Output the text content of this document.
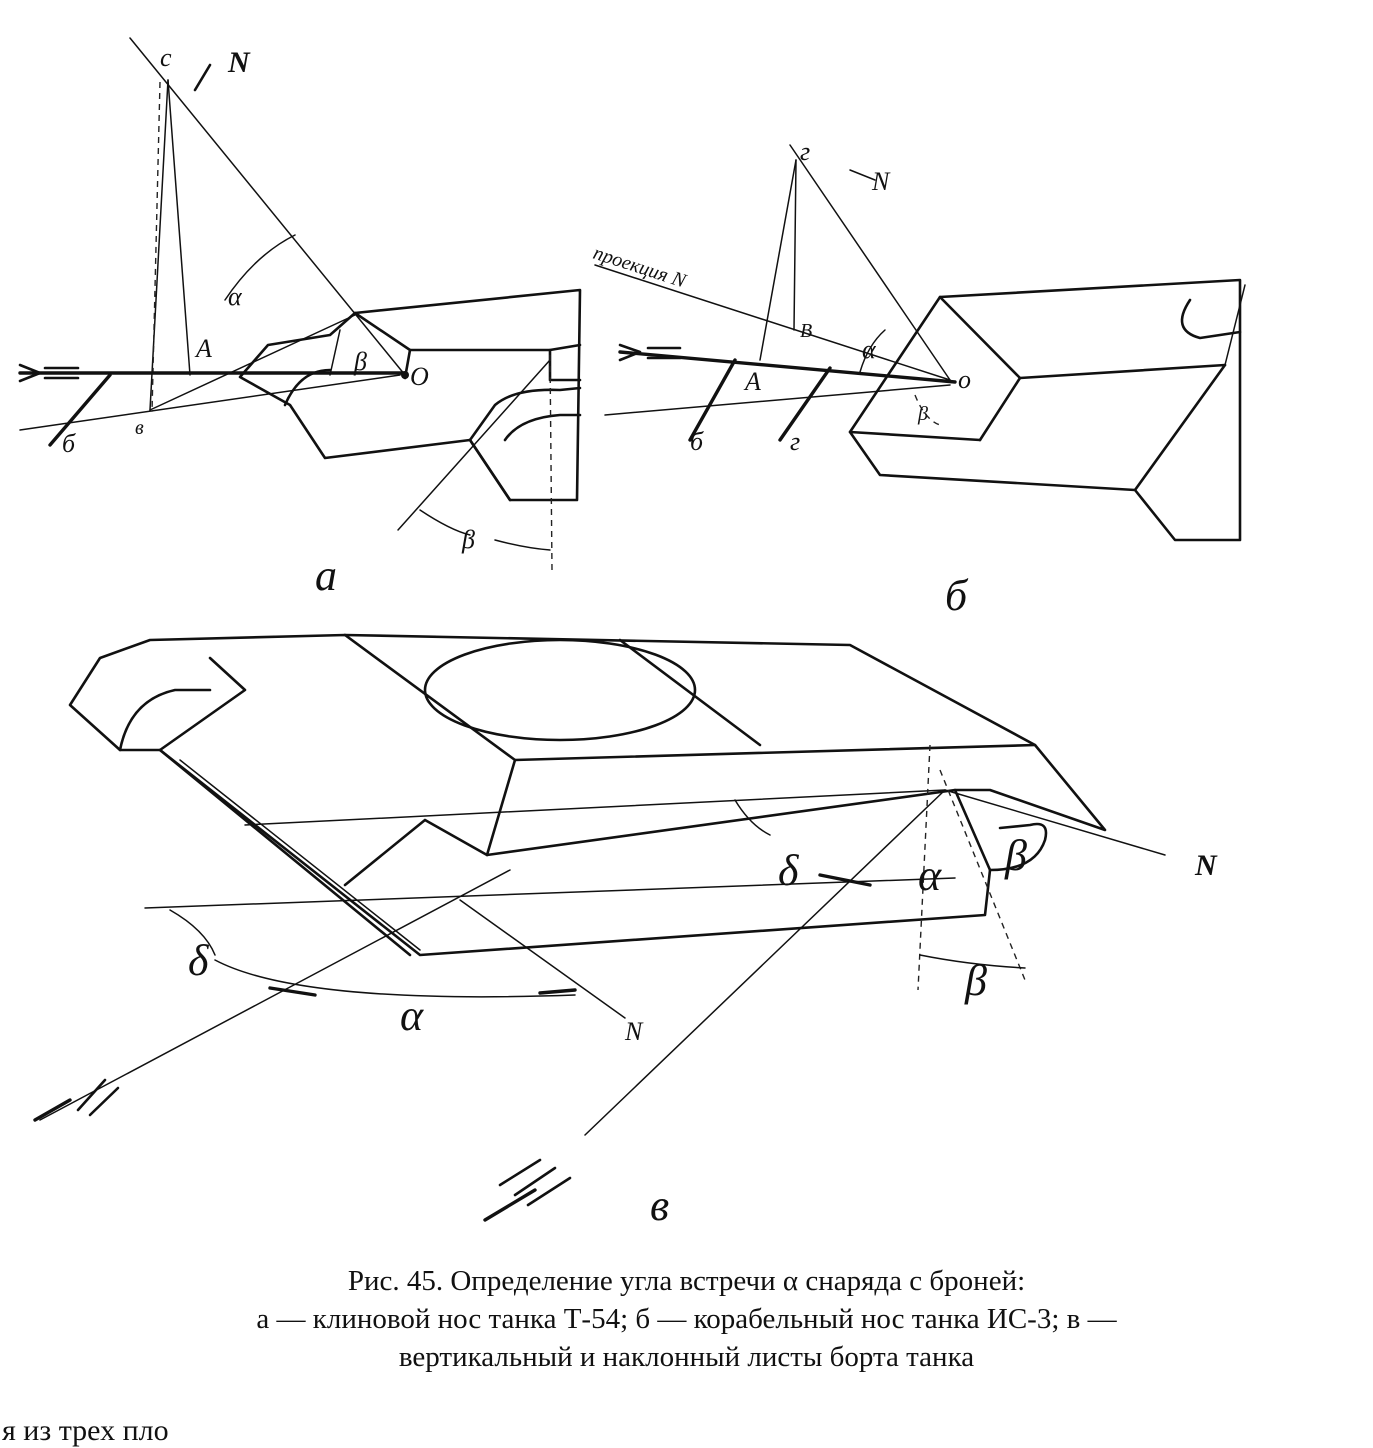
N
c
A
O
в
б
α
β
β
а
N
г
проекция N
A
B
о
б	г
α
β
б
N
N
δ
δ
α
α
β
β
в
Рис. 45. Определение угла встречи α снаряда с броней:
а — клиновой нос танка Т-54; б — корабельный нос танка ИС-3; в —
вертикальный и наклонный листы борта танка
я из трех пло
